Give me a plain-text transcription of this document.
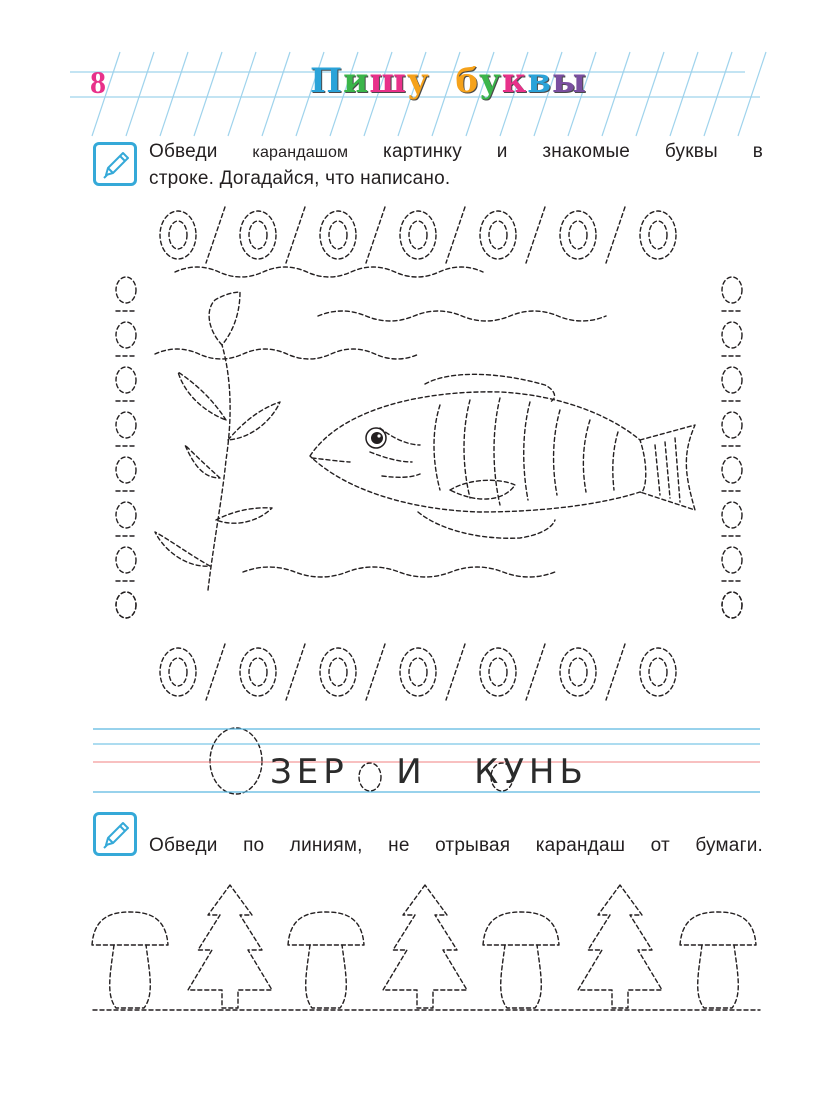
8	Пишу буквы
Обведи карандашом картинку и знакомые буквы в
строке. Догадайся, что написано.
ЗЕР   И   КУНЬ
Обведи по линиям, не отрывая карандаш от бумаги.
